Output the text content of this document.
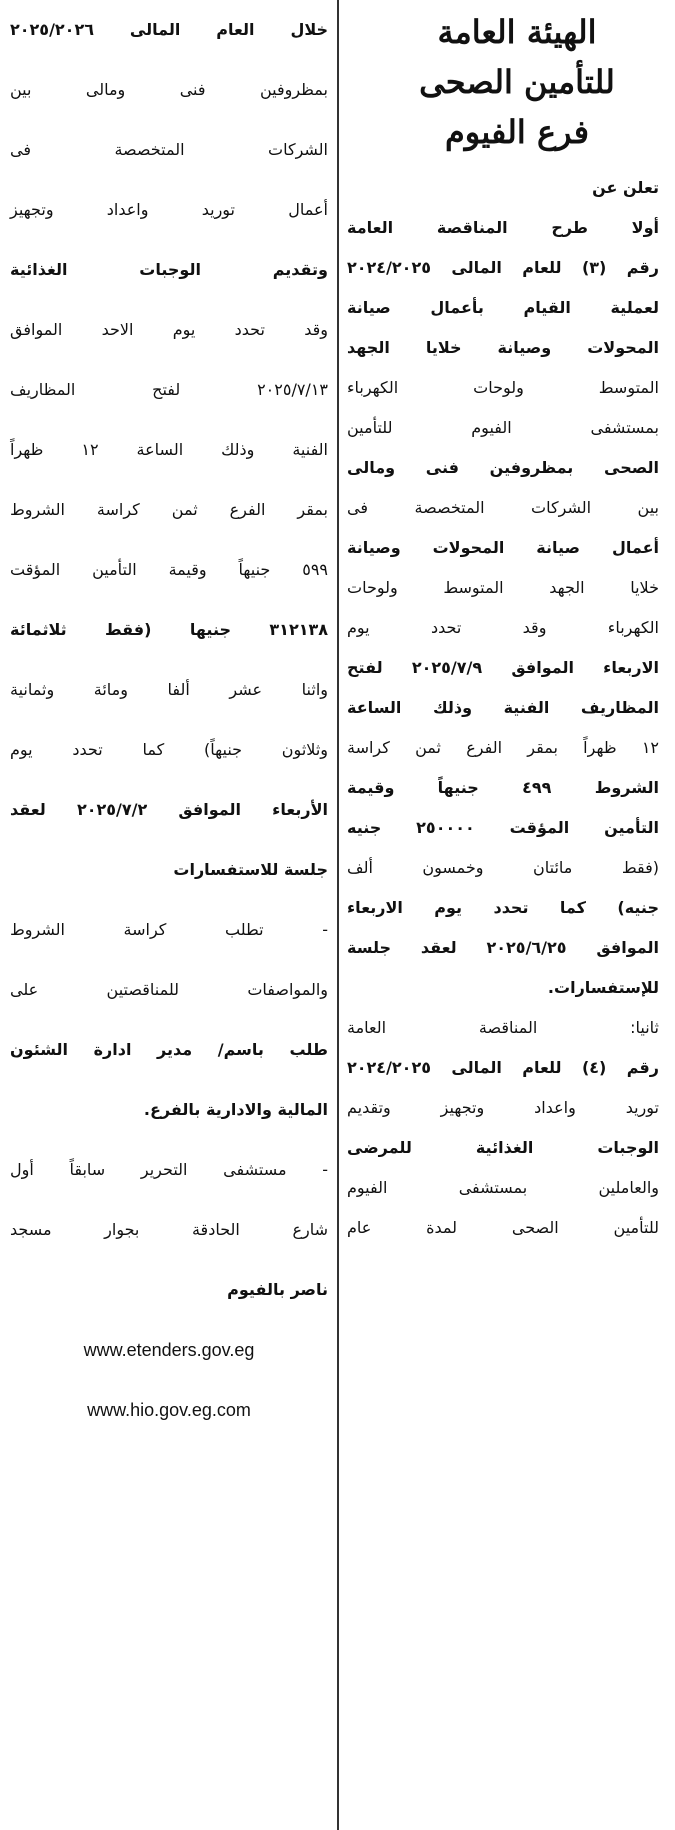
الهيئة العامة
للتأمين الصحى
فرع الفيوم
تعلن عن
أولا طرح المناقصة العامة
رقم (٣) للعام المالى ٢٠٢٤/٢٠٢٥
لعملية القيام بأعمال صيانة
المحولات وصيانة خلايا الجهد
المتوسط ولوحات الكهرباء
بمستشفى الفيوم للتأمين
الصحى بمظروفين فنى ومالى
بين الشركات المتخصصة فى
أعمال صيانة المحولات وصيانة
خلايا الجهد المتوسط ولوحات
الكهرباء وقد تحدد يوم
الاربعاء الموافق ٢٠٢٥/٧/٩ لفتح
المظاريف الفنية وذلك الساعة
١٢ ظهراً بمقر الفرع ثمن كراسة
الشروط ٤٩٩ جنيهاً وقيمة
التأمين المؤقت ٢٥٠٠٠٠ جنيه
(فقط مائتان وخمسون ألف
جنيه) كما تحدد يوم الاربعاء
الموافق ٢٠٢٥/٦/٢٥ لعقد جلسة
للإستفسارات.
ثانيا: المناقصة العامة
رقم (٤) للعام المالى ٢٠٢٤/٢٠٢٥
توريد واعداد وتجهيز وتقديم
الوجبات الغذائية للمرضى
والعاملين بمستشفى الفيوم
للتأمين الصحى لمدة عام
خلال العام المالى ٢٠٢٥/٢٠٢٦
بمظروفين فنى ومالى بين
الشركات المتخصصة فى
أعمال توريد واعداد وتجهيز
وتقديم الوجبات الغذائية
وقد تحدد يوم الاحد الموافق
٢٠٢٥/٧/١٣ لفتح المظاريف
الفنية وذلك الساعة ١٢ ظهراً
بمقر الفرع ثمن كراسة الشروط
٥٩٩ جنيهاً وقيمة التأمين المؤقت
٣١٢١٣٨ جنيها (فقط ثلاثمائة
واثنا عشر ألفا ومائة وثمانية
وثلاثون جنيهاً) كما تحدد يوم
الأربعاء الموافق ٢٠٢٥/٧/٢ لعقد
جلسة للاستفسارات
- تطلب كراسة الشروط
والمواصفات للمناقصتين على
طلب باسم/ مدير ادارة الشئون
المالية والادارية بالفرع.
- مستشفى التحرير سابقاً أول
شارع الحادقة بجوار مسجد
ناصر بالفيوم
www.etenders.gov.eg
www.hio.gov.eg.com
